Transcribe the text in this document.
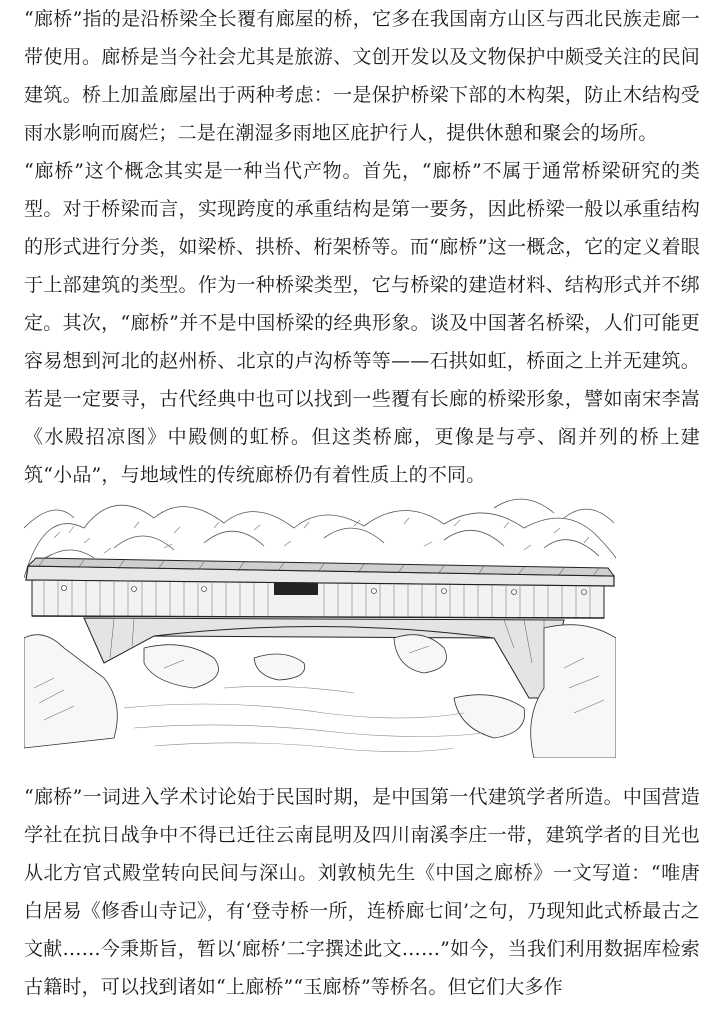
“廊桥”指的是沿桥梁全长覆有廊屋的桥，它多在我国南方山区与西北民族走廊一带使用。廊桥是当今社会尤其是旅游、文创开发以及文物保护中颇受关注的民间建筑。桥上加盖廊屋出于两种考虑：一是保护桥梁下部的木构架，防止木结构受雨水影响而腐烂；二是在潮湿多雨地区庇护行人，提供休憩和聚会的场所。

“廊桥”这个概念其实是一种当代产物。首先，“廊桥”不属于通常桥梁研究的类型。对于桥梁而言，实现跨度的承重结构是第一要务，因此桥梁一般以承重结构的形式进行分类，如梁桥、拱桥、桁架桥等。而“廊桥”这一概念，它的定义着眼于上部建筑的类型。作为一种桥梁类型，它与桥梁的建造材料、结构形式并不绑定。其次，“廊桥”并不是中国桥梁的经典形象。谈及中国著名桥梁，人们可能更容易想到河北的赵州桥、北京的卢沟桥等等——石拱如虹，桥面之上并无建筑。若是一定要寻，古代经典中也可以找到一些覆有长廊的桥梁形象，譬如南宋李嵩《水殿招凉图》中殿侧的虹桥。但这类桥廊，更像是与亭、阁并列的桥上建筑“小品”，与地域性的传统廊桥仍有着性质上的不同。

“廊桥”一词进入学术讨论始于民国时期，是中国第一代建筑学者所造。中国营造学社在抗日战争中不得已迁往云南昆明及四川南溪李庄一带，建筑学者的目光也从北方官式殿堂转向民间与深山。刘敦桢先生《中国之廊桥》一文写道：“唯唐白居易《修香山寺记》，有‘登寺桥一所，连桥廊七间’之句，乃现知此式桥最古之文献……今秉斯旨，暂以‘廊桥’二字撰述此文……”如今，当我们利用数据库检索古籍时，可以找到诸如“上廊桥”“玉廊桥”等桥名。但它们大多作
